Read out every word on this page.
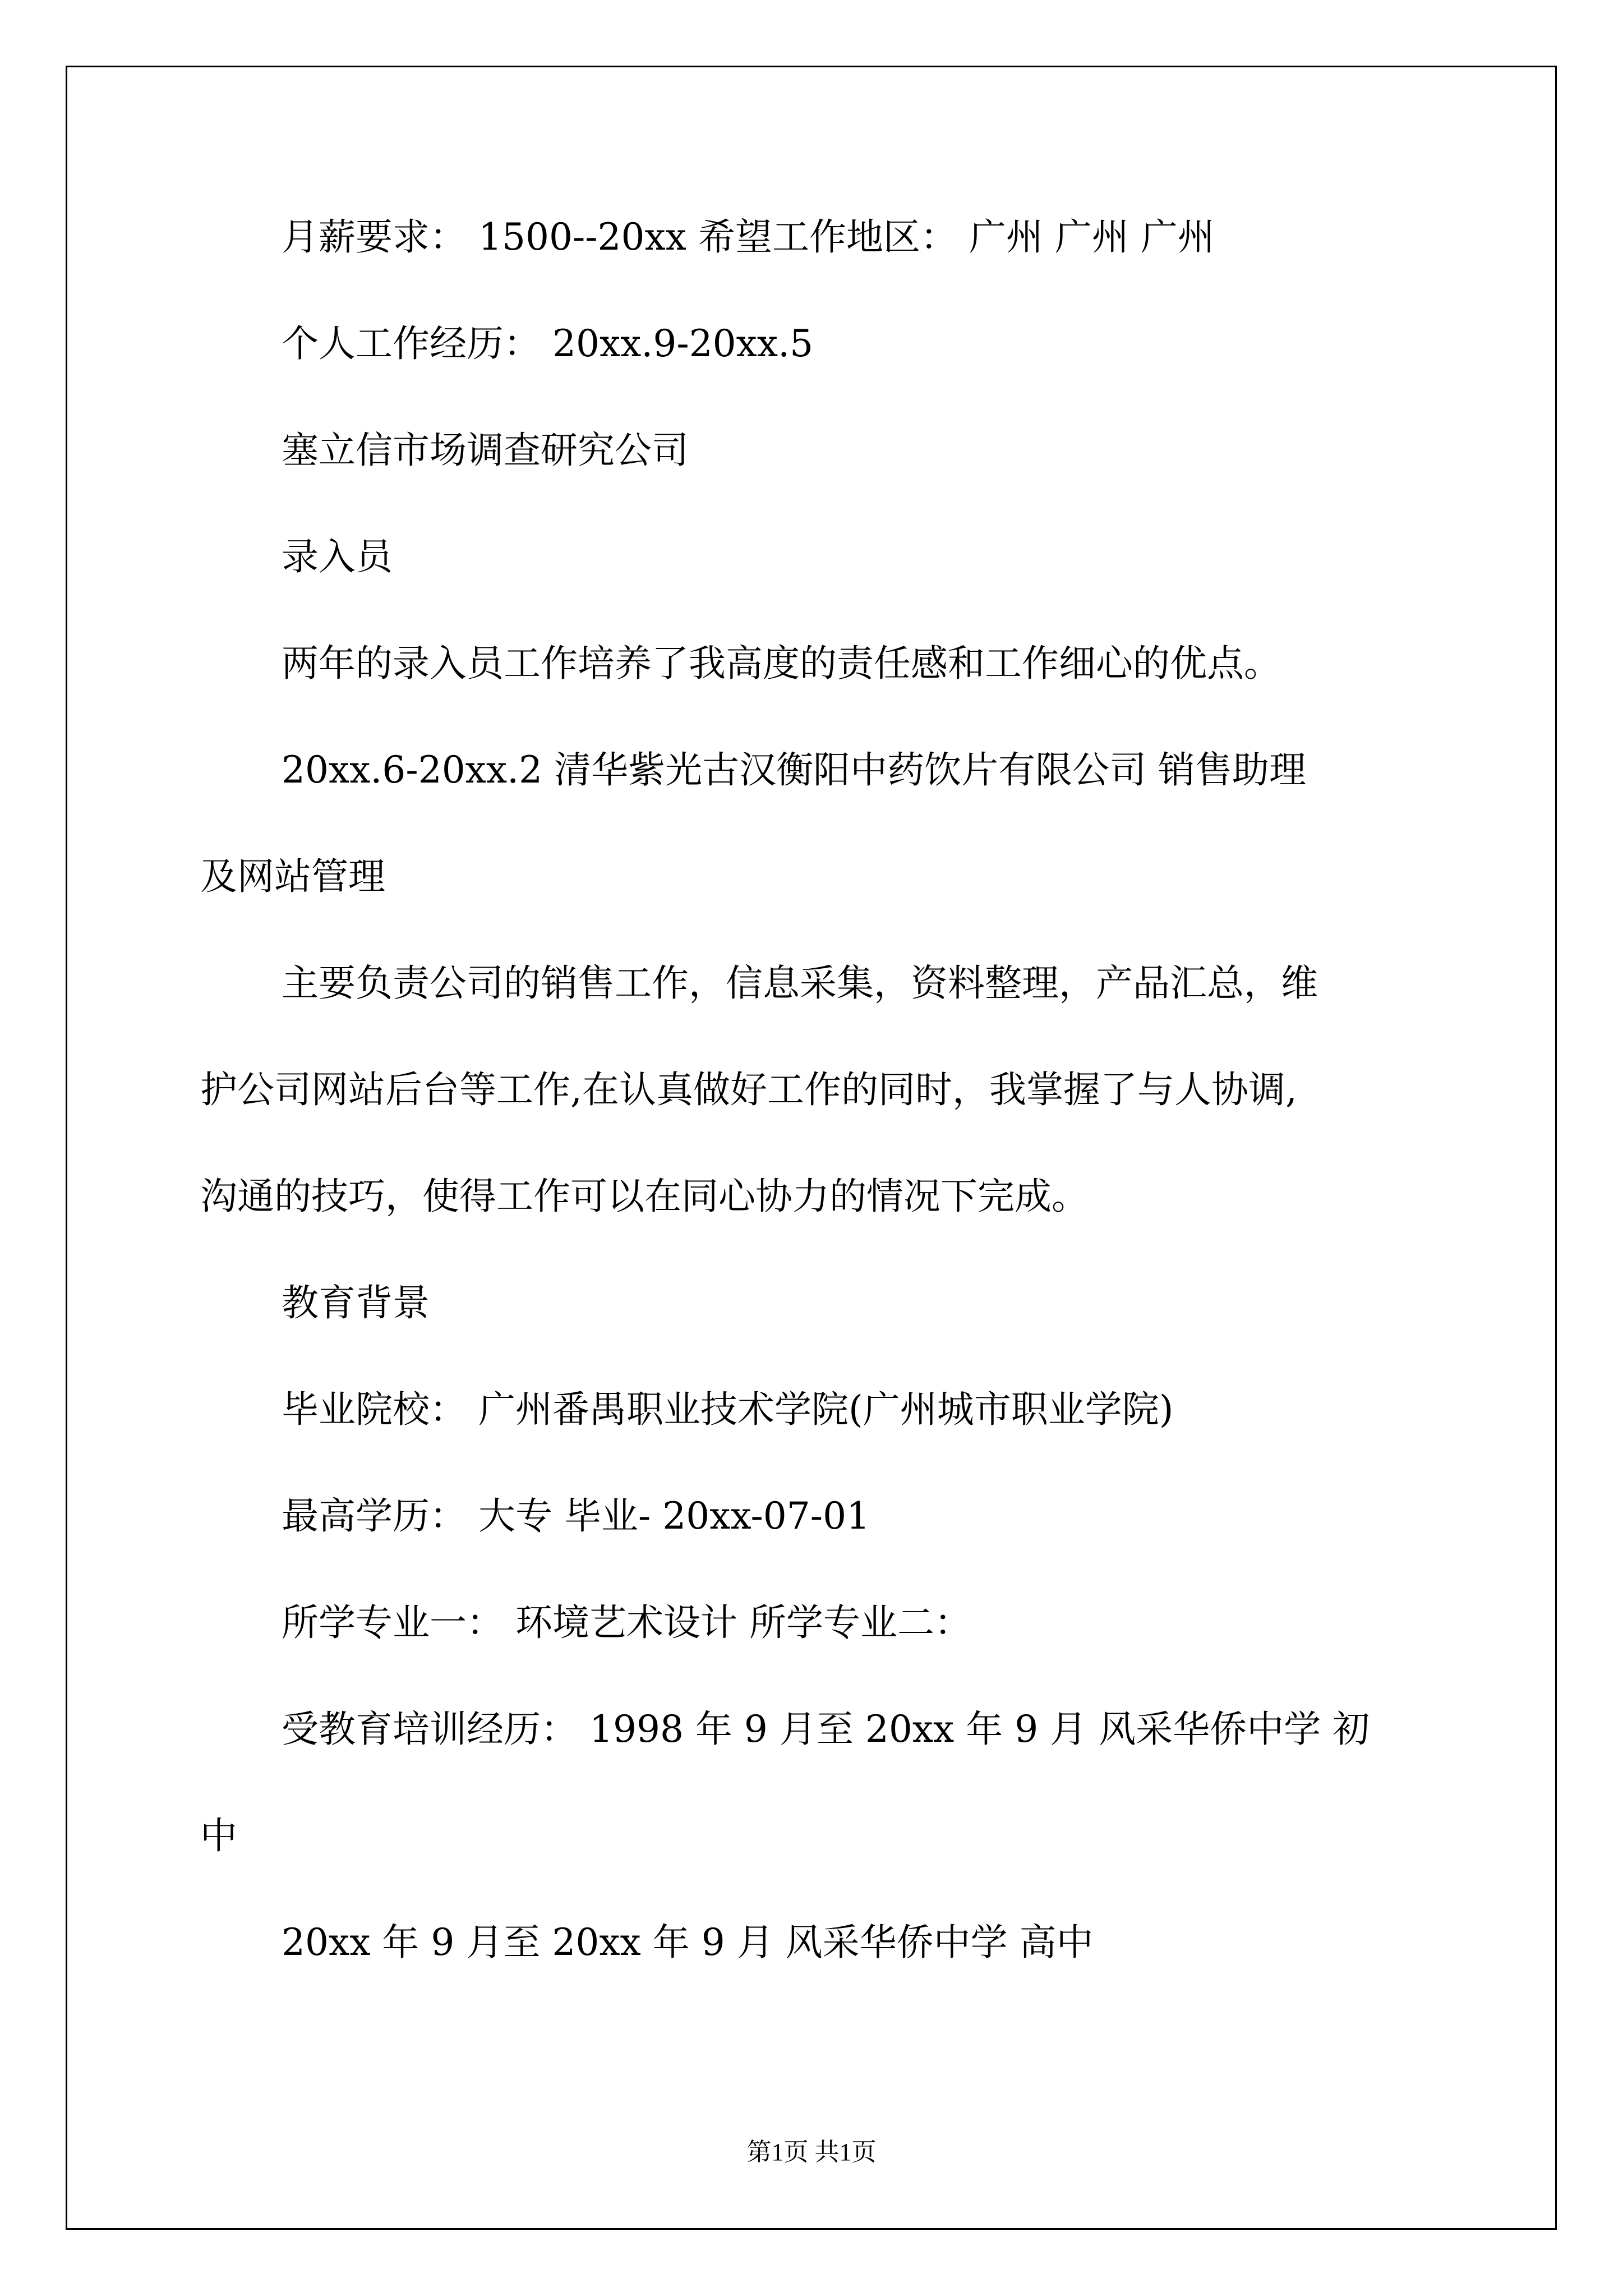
月薪要求： 1500--20xx 希望工作地区： 广州 广州 广州
个人工作经历： 20xx.9-20xx.5
塞立信市场调查研究公司
录入员
两年的录入员工作培养了我高度的责任感和工作细心的优点。
20xx.6-20xx.2 清华紫光古汉衡阳中药饮片有限公司 销售助理
及网站管理
主要负责公司的销售工作，信息采集，资料整理，产品汇总，维
护公司网站后台等工作,在认真做好工作的同时，我掌握了与人协调,
沟通的技巧，使得工作可以在同心协力的情况下完成。
教育背景
毕业院校： 广州番禺职业技术学院(广州城市职业学院)
最高学历： 大专 毕业- 20xx-07-01
所学专业一： 环境艺术设计 所学专业二：
受教育培训经历： 1998 年 9 月至 20xx 年 9 月 风采华侨中学 初
中
20xx 年 9 月至 20xx 年 9 月 风采华侨中学 高中
第1页 共1页
